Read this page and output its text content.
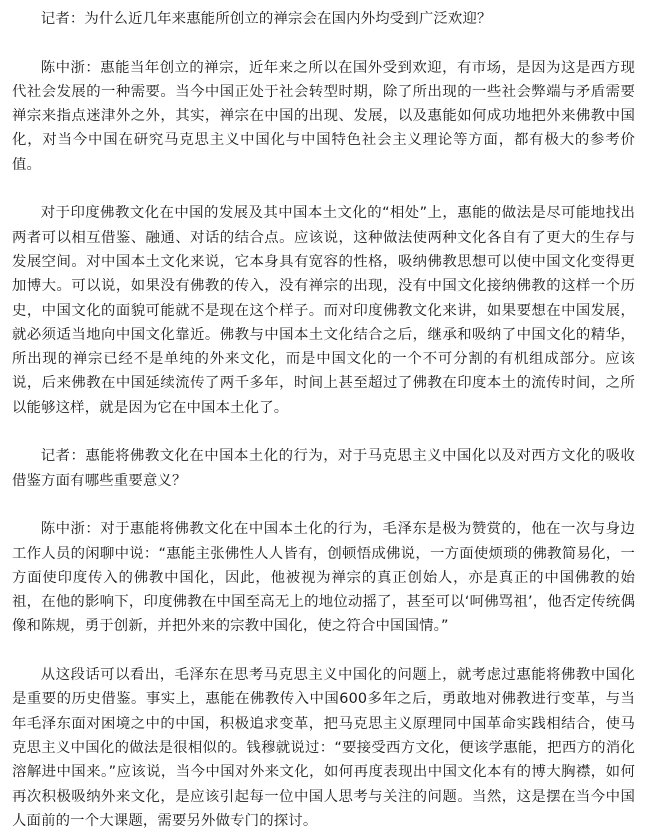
记者：为什么近几年来惠能所创立的禅宗会在国内外均受到广泛欢迎？

陈中浙：惠能当年创立的禅宗，近年来之所以在国外受到欢迎，有市场，是因为这是西方现代社会发展的一种需要。当今中国正处于社会转型时期，除了所出现的一些社会弊端与矛盾需要禅宗来指点迷津外之外，其实，禅宗在中国的出现、发展，以及惠能如何成功地把外来佛教中国化，对当今中国在研究马克思主义中国化与中国特色社会主义理论等方面，都有极大的参考价值。

对于印度佛教文化在中国的发展及其中国本土文化的“相处”上，惠能的做法是尽可能地找出两者可以相互借鉴、融通、对话的结合点。应该说，这种做法使两种文化各自有了更大的生存与发展空间。对中国本土文化来说，它本身具有宽容的性格，吸纳佛教思想可以使中国文化变得更加博大。可以说，如果没有佛教的传入，没有禅宗的出现，没有中国文化接纳佛教的这样一个历史，中国文化的面貌可能就不是现在这个样子。而对印度佛教文化来讲，如果要想在中国发展，就必须适当地向中国文化靠近。佛教与中国本土文化结合之后，继承和吸纳了中国文化的精华，所出现的禅宗已经不是单纯的外来文化，而是中国文化的一个不可分割的有机组成部分。应该说，后来佛教在中国延续流传了两千多年，时间上甚至超过了佛教在印度本土的流传时间，之所以能够这样，就是因为它在中国本土化了。

记者：惠能将佛教文化在中国本土化的行为，对于马克思主义中国化以及对西方文化的吸收借鉴方面有哪些重要意义？

陈中浙：对于惠能将佛教文化在中国本土化的行为，毛泽东是极为赞赏的，他在一次与身边工作人员的闲聊中说：“惠能主张佛性人人皆有，创顿悟成佛说，一方面使烦琐的佛教简易化，一方面使印度传入的佛教中国化，因此，他被视为禅宗的真正创始人，亦是真正的中国佛教的始祖，在他的影响下，印度佛教在中国至高无上的地位动摇了，甚至可以‘呵佛骂祖’，他否定传统偶像和陈规，勇于创新，并把外来的宗教中国化，使之符合中国国情。”

从这段话可以看出，毛泽东在思考马克思主义中国化的问题上，就考虑过惠能将佛教中国化是重要的历史借鉴。事实上，惠能在佛教传入中国600多年之后，勇敢地对佛教进行变革，与当年毛泽东面对困境之中的中国，积极追求变革，把马克思主义原理同中国革命实践相结合，使马克思主义中国化的做法是很相似的。钱穆就说过：“要接受西方文化，便该学惠能，把西方的消化溶解进中国来。”应该说，当今中国对外来文化，如何再度表现出中国文化本有的博大胸襟，如何再次积极吸纳外来文化，是应该引起每一位中国人思考与关注的问题。当然，这是摆在当今中国人面前的一个大课题，需要另外做专门的探讨。
